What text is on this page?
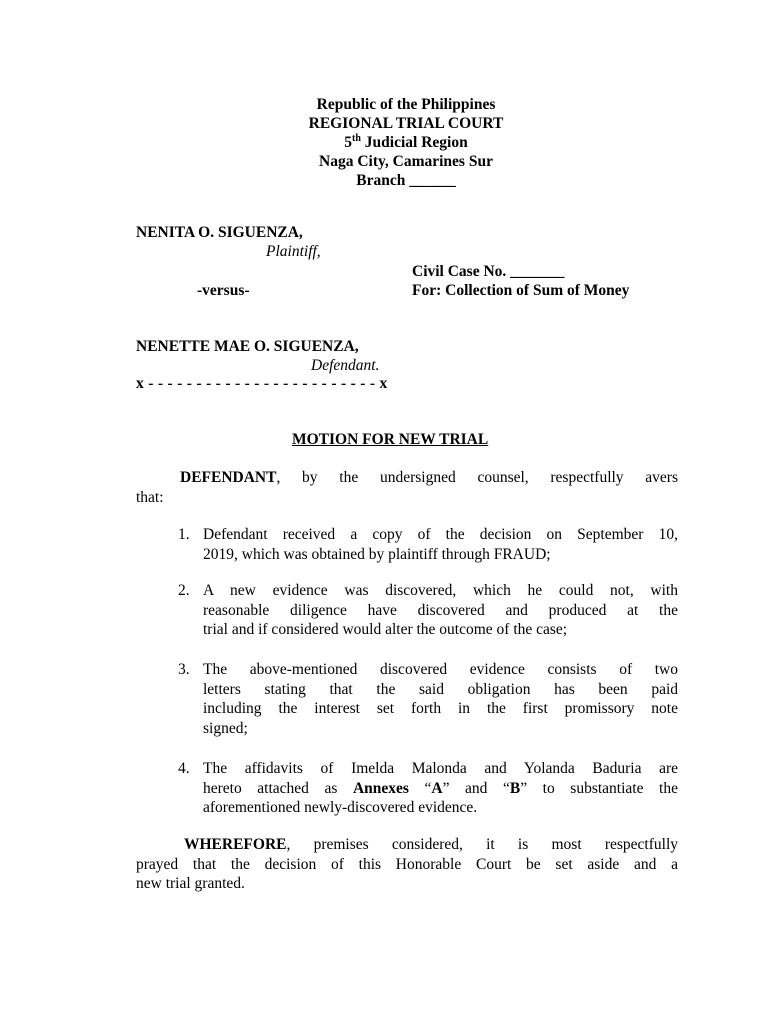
Republic of the Philippines
REGIONAL TRIAL COURT
5th Judicial Region
Naga City, Camarines Sur
Branch ______
NENITA O. SIGUENZA,
Plaintiff,
Civil Case No. _______
-versus-	For: Collection of Sum of Money
NENETTE MAE O. SIGUENZA,
Defendant.
x - - - - - - - - - - - - - - - - - - - - - - - - x
MOTION FOR NEW TRIAL
DEFENDANT, by the undersigned counsel, respectfully avers
that:
1. Defendant received a copy of the decision on September 10,
2019, which was obtained by plaintiff through FRAUD;
2. A new evidence was discovered, which he could not, with
reasonable diligence have discovered and produced at the
trial and if considered would alter the outcome of the case;
3. The above-mentioned discovered evidence consists of two
letters stating that the said obligation has been paid
including the interest set forth in the first promissory note
signed;
4. The affidavits of Imelda Malonda and Yolanda Baduria are
hereto attached as Annexes “A” and “B” to substantiate the
aforementioned newly-discovered evidence.
WHEREFORE, premises considered, it is most respectfully
prayed that the decision of this Honorable Court be set aside and a
new trial granted.
